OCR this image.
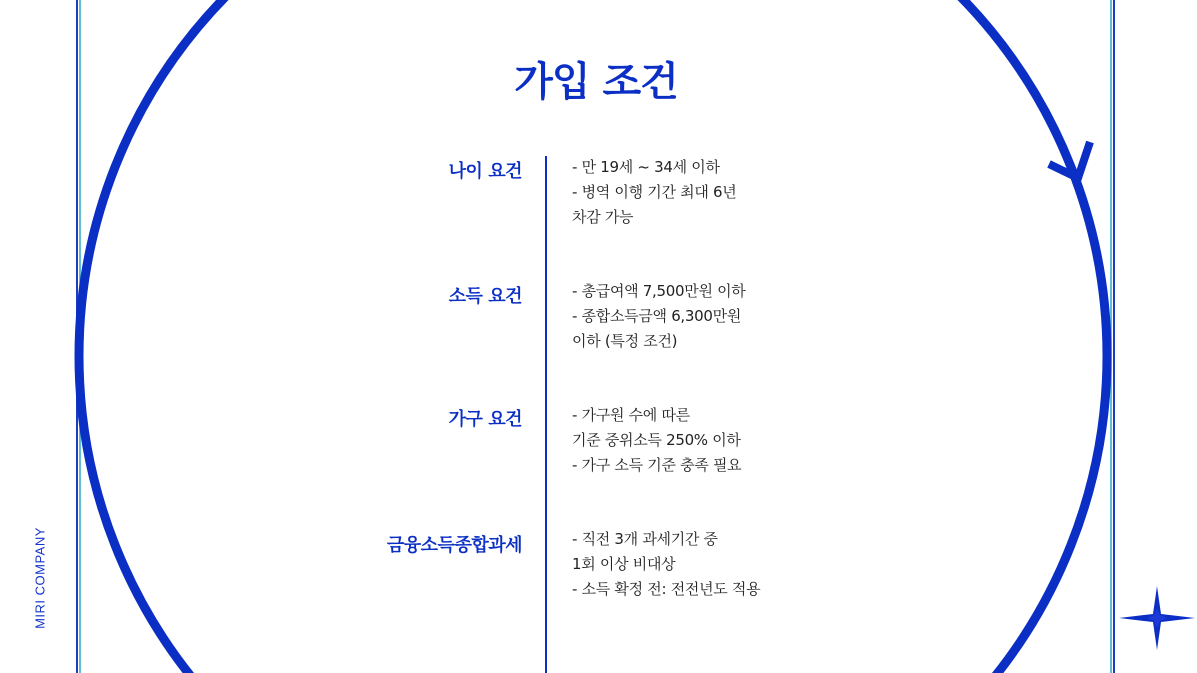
MIRI COMPANY
가입 조건
나이 요건	- 만 19세 ~ 34세 이하
- 병역 이행 기간 최대 6년
차감 가능
소득 요건	- 총급여액 7,500만원 이하
- 종합소득금액 6,300만원
이하 (특정 조건)
가구 요건	- 가구원 수에 따른
기준 중위소득 250% 이하
- 가구 소득 기준 충족 필요
금융소득종합과세	- 직전 3개 과세기간 중
1회 이상 비대상
- 소득 확정 전: 전전년도 적용
